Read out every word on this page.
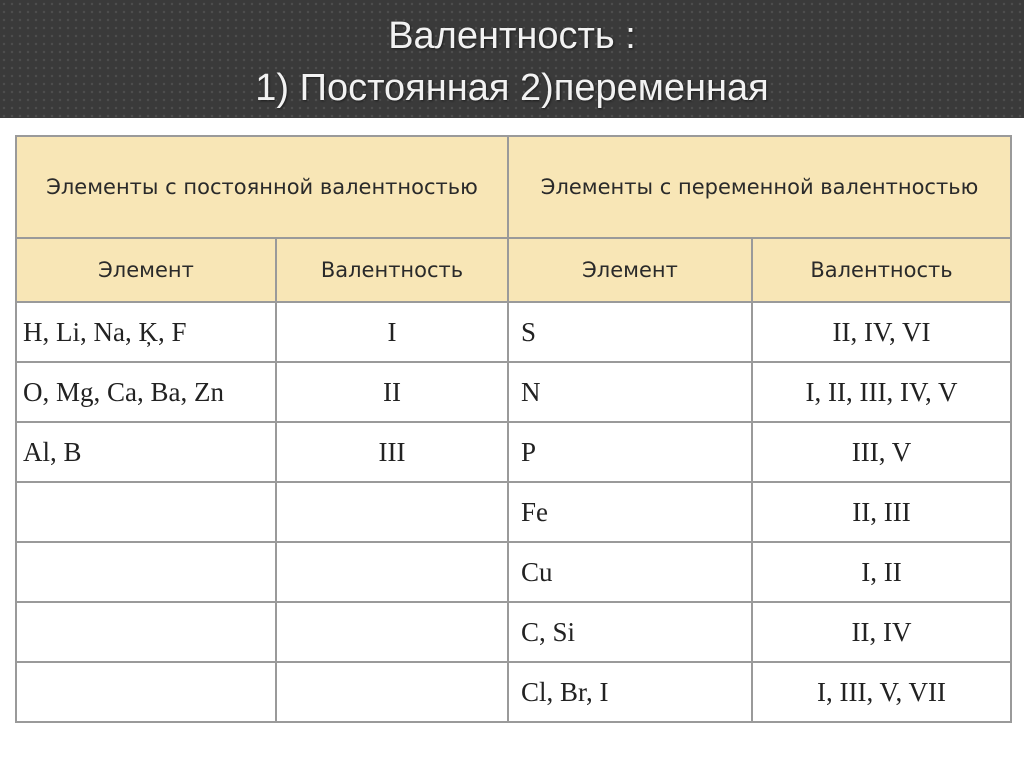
Валентность :
1) Постоянная 2)переменная
Элементы с постоянной валентностью		Элементы с переменной валентностью	
Элемент	Валентность	Элемент	Валентность
H, Li, Na, Ķ, F	I	S	II, IV, VI
O, Mg, Ca, Ba, Zn	II	N	I, II, III, IV, V
Al, B	III	P	III, V
		Fe	II, III
		Cu	I, II
		C, Si	II, IV
		Cl, Br, I	I, III, V, VII
